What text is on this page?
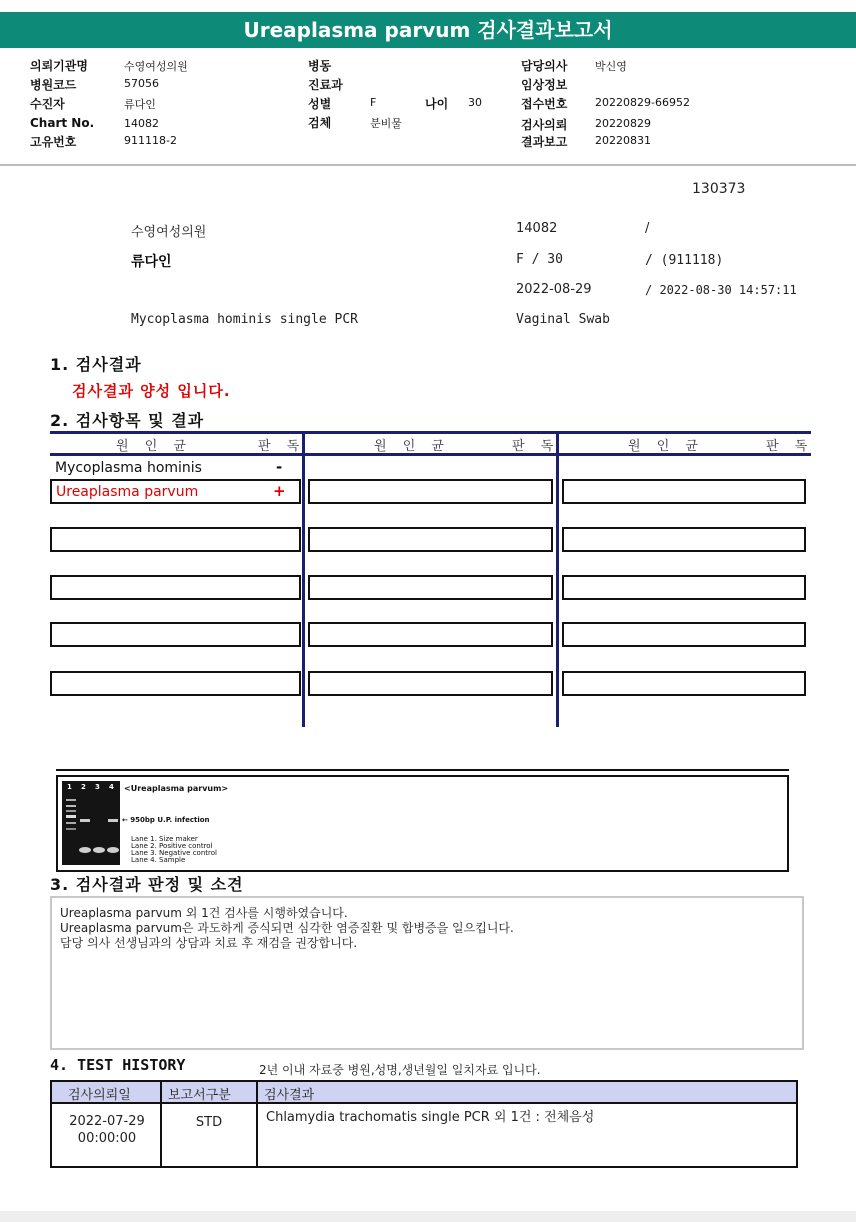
Ureaplasma parvum 검사결과보고서
의뢰기관명	수영여성의원
병원코드	57056
수진자	류다인
Chart No.	14082
고유번호	911118-2
병동
진료과
성별	F	나이 30
검체	분비물
담당의사	박신영
임상정보
접수번호	20220829-66952
검사의뢰	20220829
결과보고	20220831
130373
수영여성의원	14082	/
류다인	F / 30	/ (911118)
2022-08-29	/ 2022-08-30 14:57:11
Mycoplasma hominis single PCR	Vaginal Swab
1. 검사결과
검사결과 양성 입니다.
2. 검사항목 및 결과
원 인 균	판 독	원 인 균	판 독	원 인 균	판 독
Mycoplasma hominis	-
Ureaplasma parvum	+
1 2 3 4 <Ureaplasma parvum>
← 950bp U.P. infection
Lane 1. Size maker
Lane 2. Positive control
Lane 3. Negative control
Lane 4. Sample
3. 검사결과 판정 및 소견
Ureaplasma parvum 외 1건 검사를 시행하였습니다.
Ureaplasma parvum은 과도하게 증식되면 심각한 염증질환 및 합병증을 일으킵니다.
담당 의사 선생님과의 상담과 치료 후 재검을 권장합니다.
4. TEST HISTORY	2년 이내 자료중 병원,성명,생년월일 일치자료 입니다.
검사의뢰일	보고서구분	검사결과
2022-07-29
00:00:00
STD	Chlamydia trachomatis single PCR 외 1건 : 전체음성
